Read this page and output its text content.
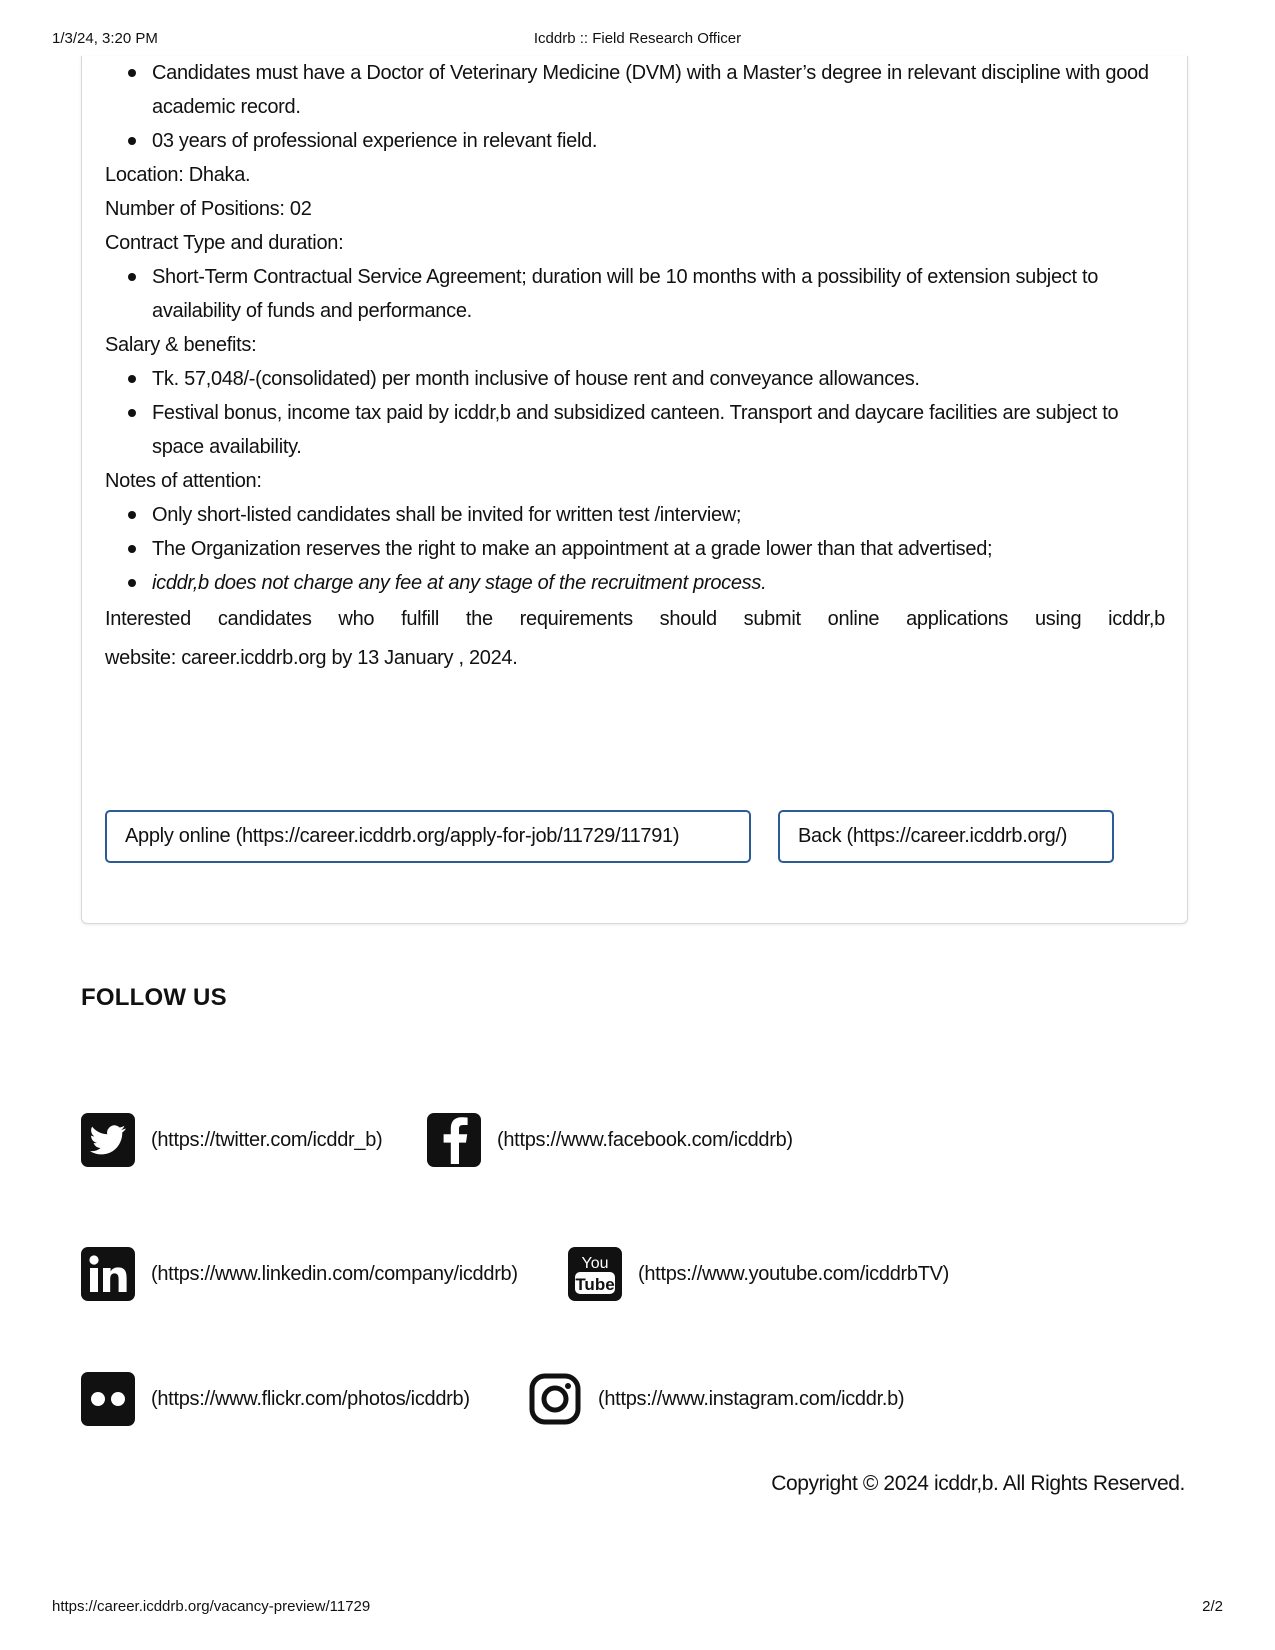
1/3/24, 3:20 PM	Icddrb :: Field Research Officer
Candidates must have a Doctor of Veterinary Medicine (DVM) with a Master’s degree in relevant discipline with good academic record.
03 years of professional experience in relevant field.

Location: Dhaka.

Number of Positions: 02

Contract Type and duration:

Short-Term Contractual Service Agreement; duration will be 10 months with a possibility of extension subject to availability of funds and performance.

Salary & benefits:

Tk. 57,048/-(consolidated) per month inclusive of house rent and conveyance allowances.
Festival bonus, income tax paid by icddr,b and subsidized canteen. Transport and daycare facilities are subject to space availability.

Notes of attention:

Only short-listed candidates shall be invited for written test /interview;
The Organization reserves the right to make an appointment at a grade lower than that advertised;
icddr,b does not charge any fee at any stage of the recruitment process.

Interested candidates who fulfill the requirements should submit online applications using icddr,b
website: career.icddrb.org by 13 January , 2024.

Apply online (https://career.icddrb.org/apply-for-job/11729/11791)	Back (https://career.icddrb.org/)
FOLLOW US
(https://twitter.com/icddr_b)	(https://www.facebook.com/icddrb)
(https://www.linkedin.com/company/icddrb)	You
Tube (https://www.youtube.com/icddrbTV)
(https://www.flickr.com/photos/icddrb)	(https://www.instagram.com/icddr.b)
Copyright © 2024 icddr,b. All Rights Reserved.
https://career.icddrb.org/vacancy-preview/11729	2/2
